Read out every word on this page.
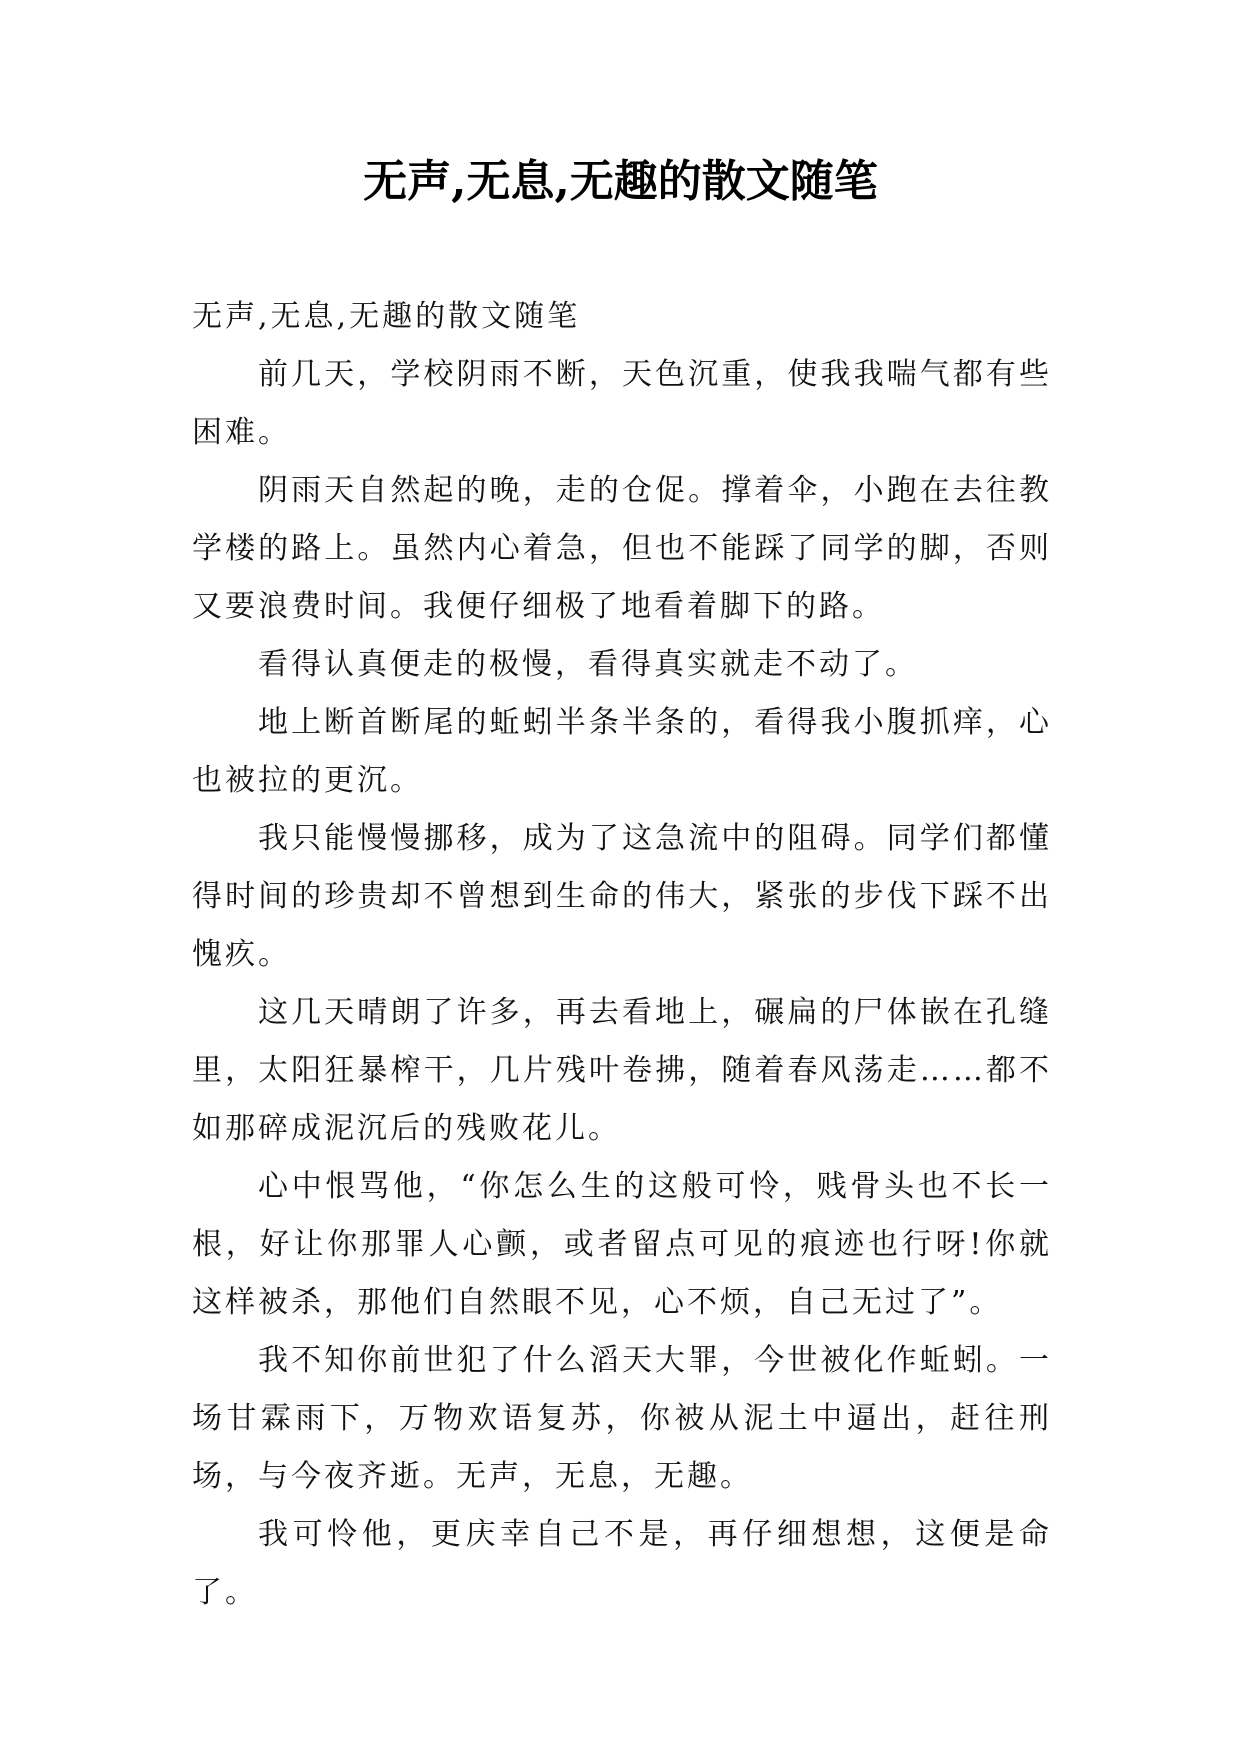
无声,无息,无趣的散文随笔

无声,无息,无趣的散文随笔

前几天，学校阴雨不断，天色沉重，使我我喘气都有些困难。

阴雨天自然起的晚，走的仓促。撑着伞，小跑在去往教学楼的路上。虽然内心着急，但也不能踩了同学的脚，否则又要浪费时间。我便仔细极了地看着脚下的路。

看得认真便走的极慢，看得真实就走不动了。

地上断首断尾的蚯蚓半条半条的，看得我小腹抓痒，心也被拉的更沉。

我只能慢慢挪移，成为了这急流中的阻碍。同学们都懂得时间的珍贵却不曾想到生命的伟大，紧张的步伐下踩不出愧疚。

这几天晴朗了许多，再去看地上，碾扁的尸体嵌在孔缝里，太阳狂暴榨干，几片残叶卷拂，随着春风荡走……都不如那碎成泥沉后的残败花儿。

心中恨骂他，“你怎么生的这般可怜，贱骨头也不长一根，好让你那罪人心颤，或者留点可见的痕迹也行呀!你就这样被杀，那他们自然眼不见，心不烦，自己无过了”。

我不知你前世犯了什么滔天大罪，今世被化作蚯蚓。一场甘霖雨下，万物欢语复苏，你被从泥土中逼出，赶往刑场，与今夜齐逝。无声，无息，无趣。

我可怜他，更庆幸自己不是，再仔细想想，这便是命了。
